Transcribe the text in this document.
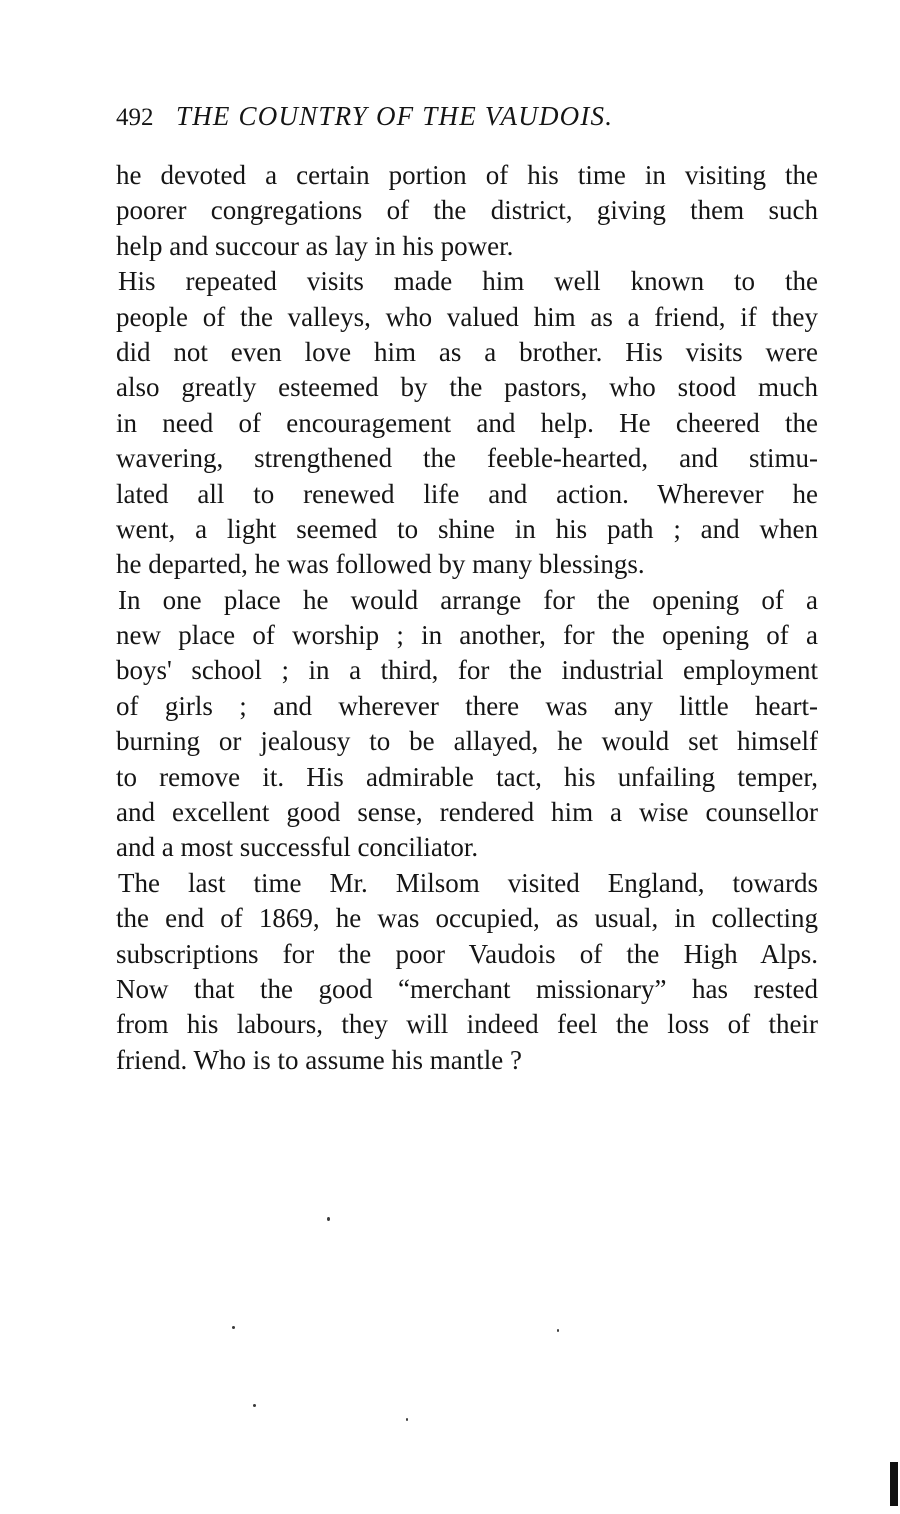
492 THE COUNTRY OF THE VAUDOIS.
he devoted a certain portion of his time in visiting the
poorer congregations of the district, giving them such
help and succour as lay in his power.
His repeated visits made him well known to the
people of the valleys, who valued him as a friend, if they
did not even love him as a brother. His visits were
also greatly esteemed by the pastors, who stood much
in need of encouragement and help. He cheered the
wavering, strengthened the feeble-hearted, and stimu-
lated all to renewed life and action. Wherever he
went, a light seemed to shine in his path ; and when
he departed, he was followed by many blessings.
In one place he would arrange for the opening of a
new place of worship ; in another, for the opening of a
boys' school ; in a third, for the industrial employment
of girls ; and wherever there was any little heart-
burning or jealousy to be allayed, he would set himself
to remove it. His admirable tact, his unfailing temper,
and excellent good sense, rendered him a wise counsellor
and a most successful conciliator.
The last time Mr. Milsom visited England, towards
the end of 1869, he was occupied, as usual, in collecting
subscriptions for the poor Vaudois of the High Alps.
Now that the good “merchant missionary” has rested
from his labours, they will indeed feel the loss of their
friend. Who is to assume his mantle ?
